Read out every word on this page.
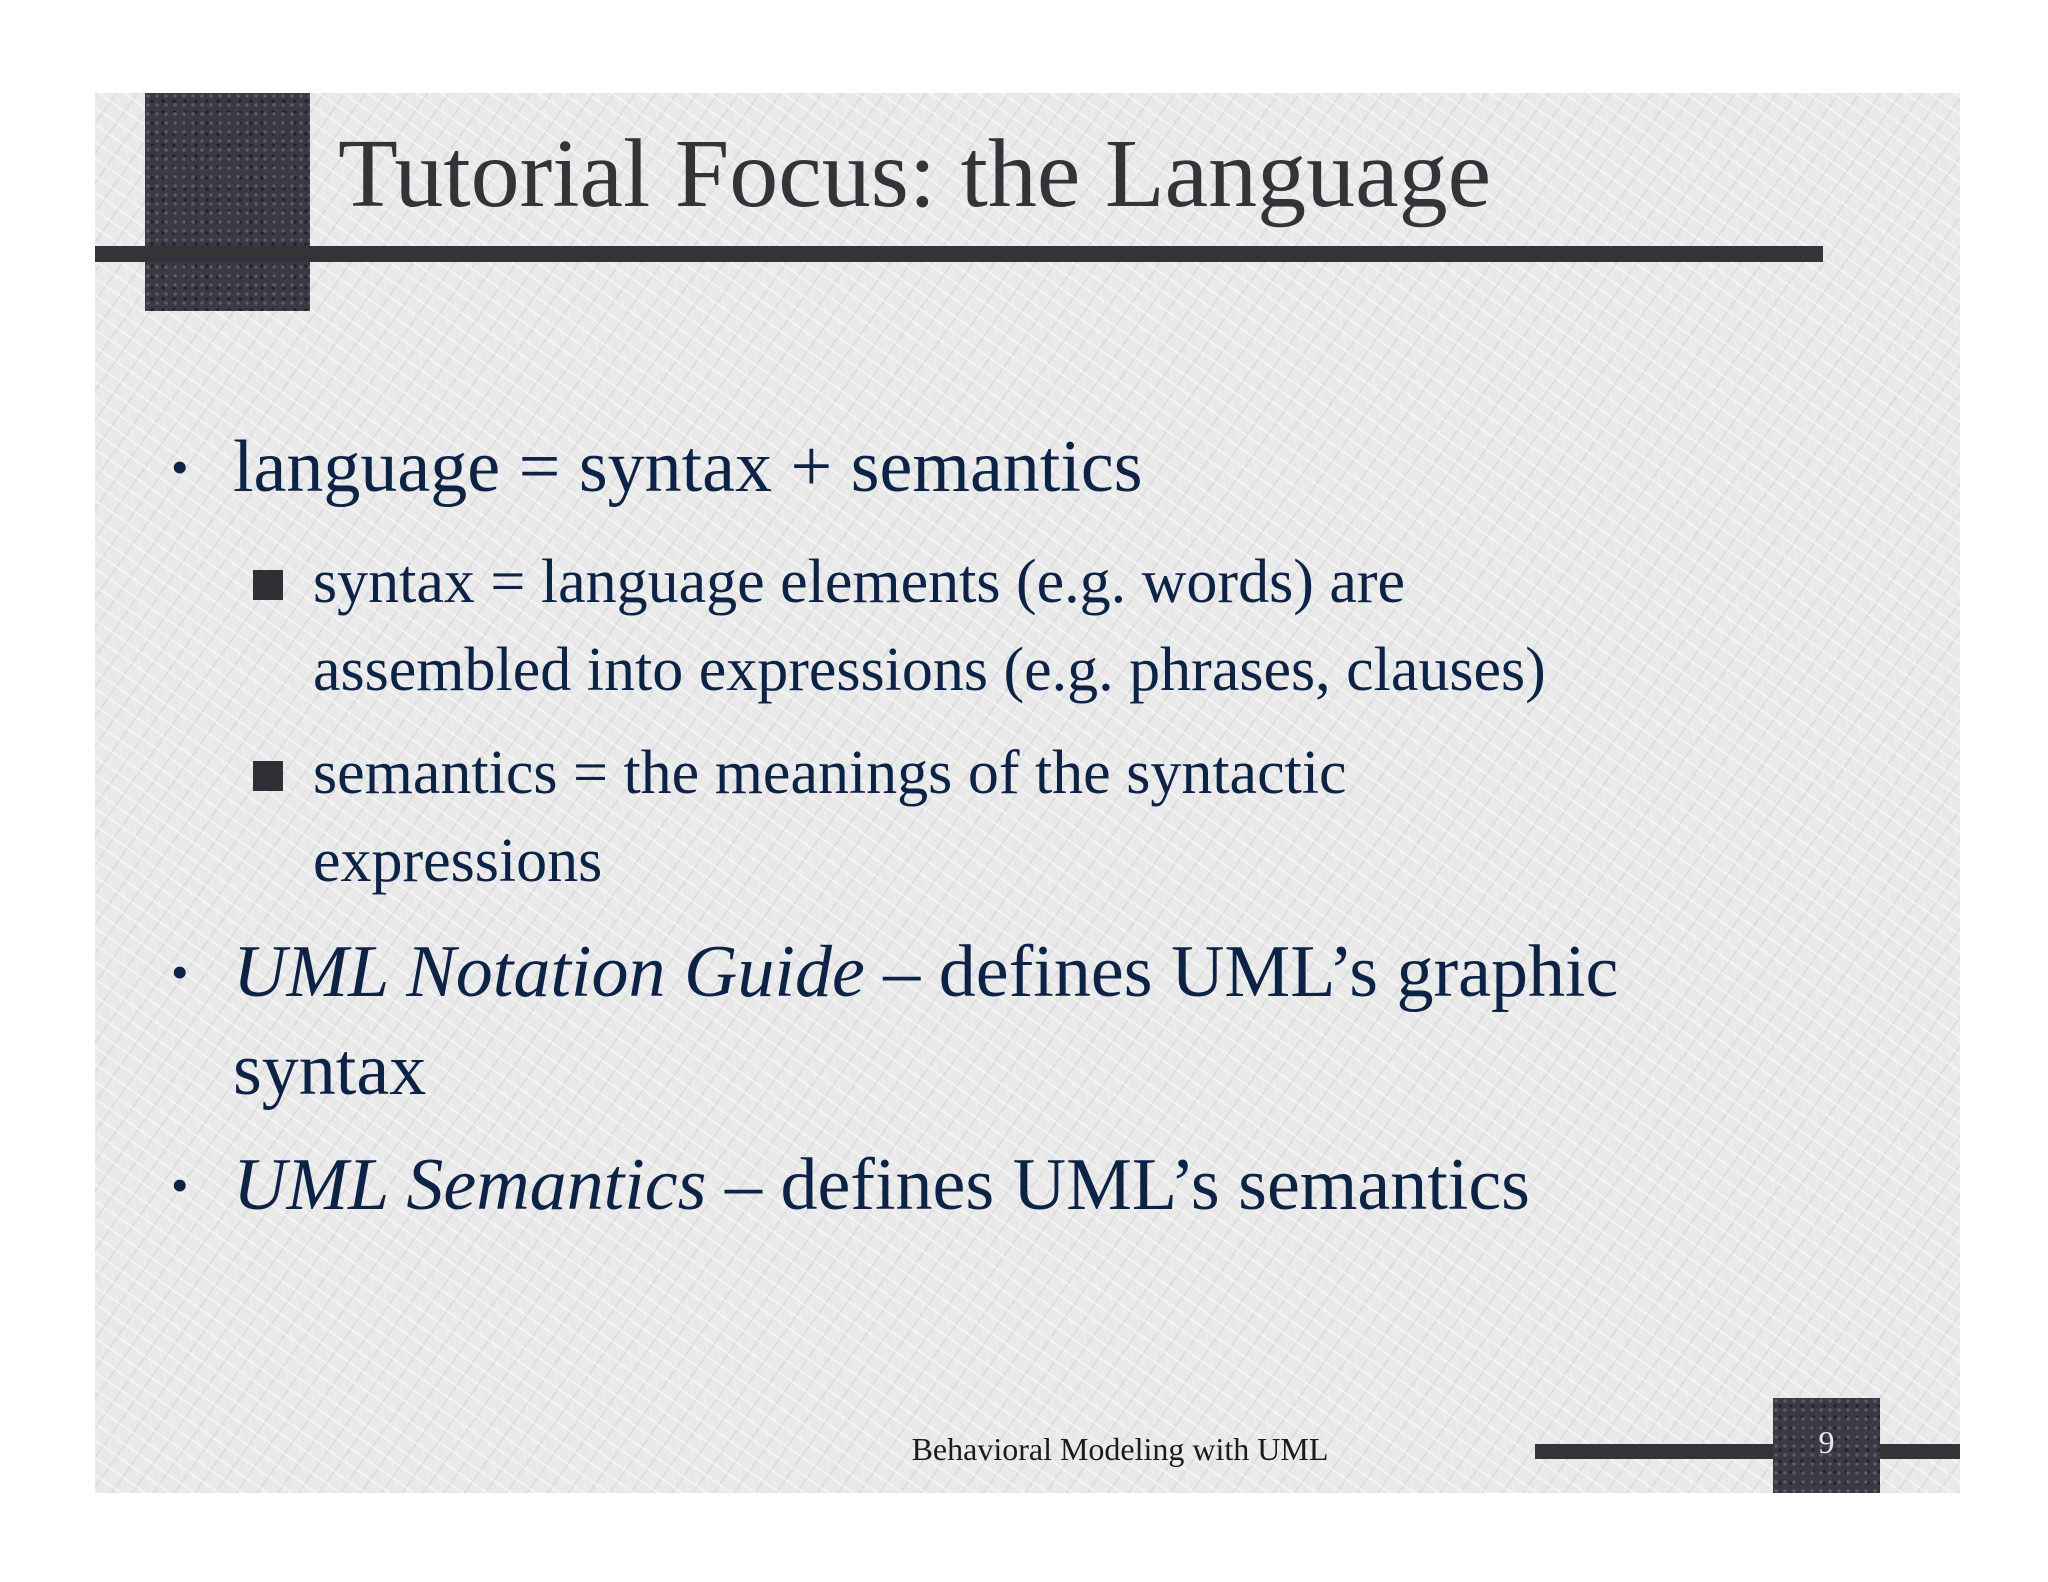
Tutorial Focus: the Language
• language = syntax + semantics
syntax = language elements (e.g. words) are
assembled into expressions (e.g. phrases, clauses)
semantics = the meanings of the syntactic
expressions
• UML Notation Guide – defines UML’s graphic
syntax
• UML Semantics – defines UML’s semantics
Behavioral Modeling with UML	9
